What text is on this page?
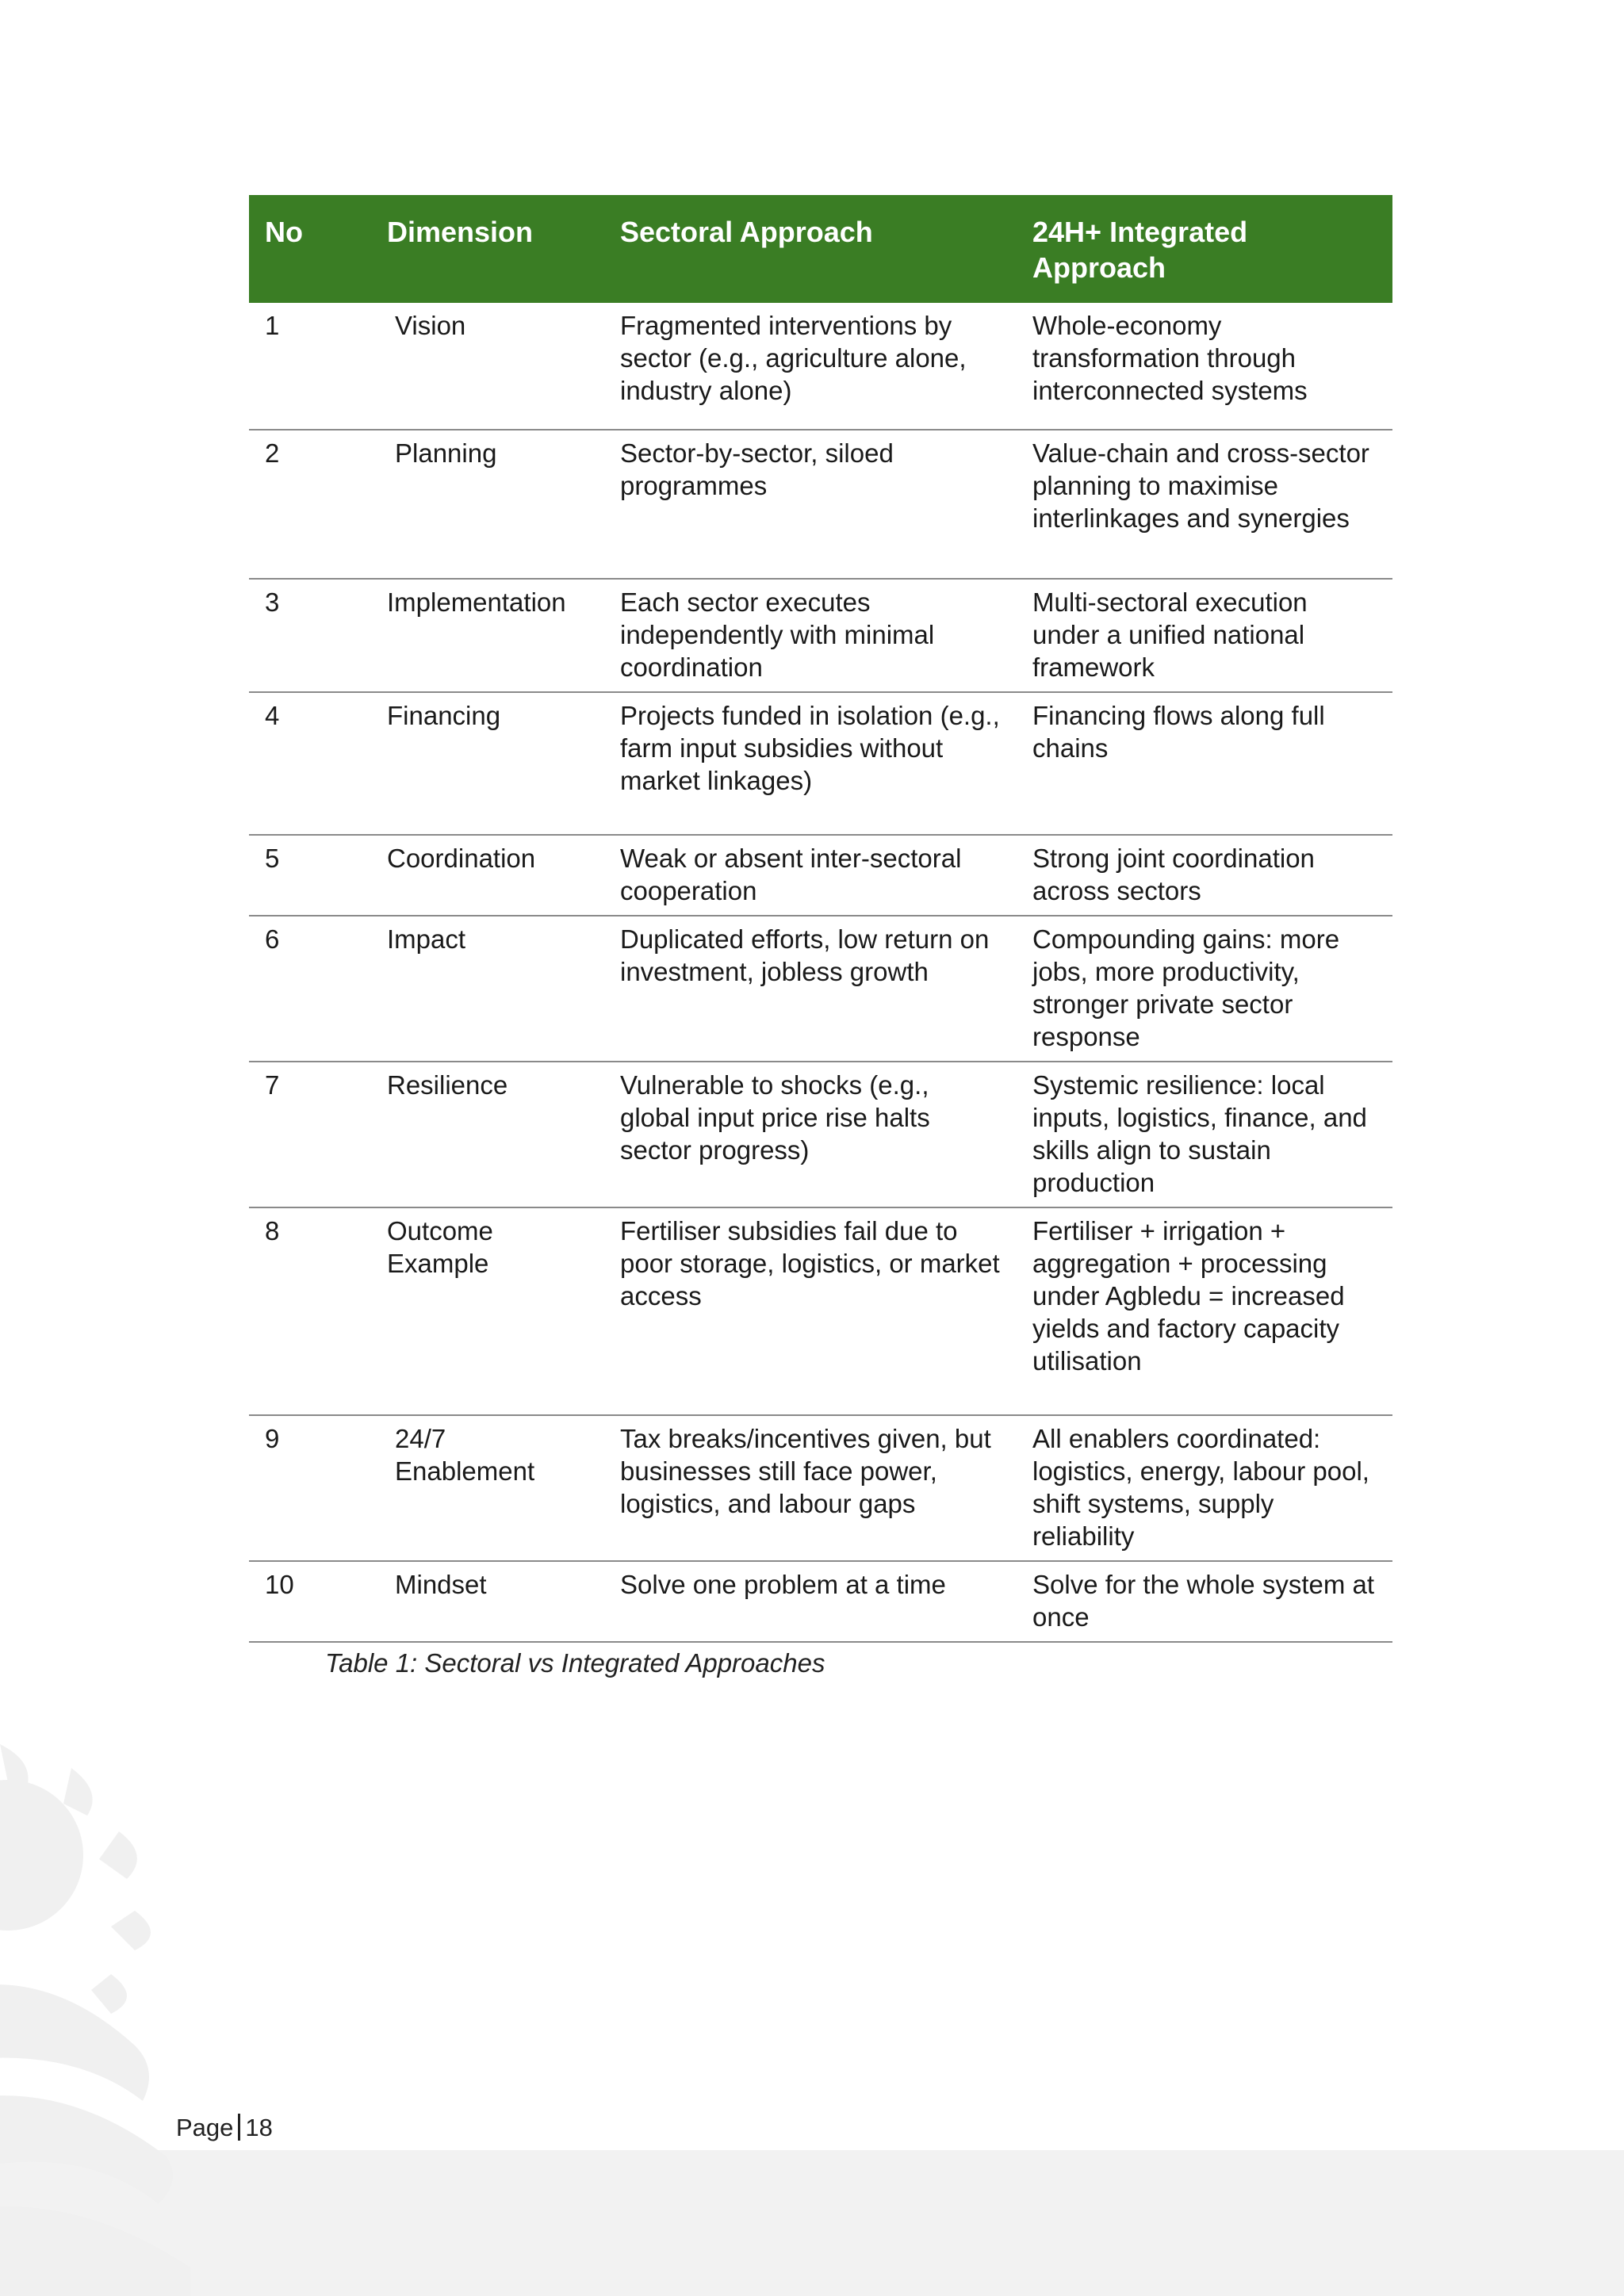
No	Dimension	Sectoral Approach	24H+ Integrated Approach
1	Vision	Fragmented interventions by sector (e.g., agriculture alone, industry alone)	Whole-economy transformation through interconnected systems
2	Planning	Sector-by-sector, siloed programmes	Value-chain and cross-sector planning to maximise interlinkages and synergies
3	Implementation	Each sector executes independently with minimal coordination	Multi-sectoral execution under a unified national framework
4	Financing	Projects funded in isolation (e.g., farm input subsidies without market linkages)	Financing flows along full chains
5	Coordination	Weak or absent inter-sectoral cooperation	Strong joint coordination across sectors
6	Impact	Duplicated efforts, low return on investment, jobless growth	Compounding gains: more jobs, more productivity, stronger private sector response
7	Resilience	Vulnerable to shocks (e.g., global input price rise halts sector progress)	Systemic resilience: local inputs, logistics, finance, and skills align to sustain production
8	Outcome Example	Fertiliser subsidies fail due to poor storage, logistics, or market access	Fertiliser + irrigation + aggregation + processing under Agbledu = increased yields and factory capacity utilisation
9	24/7 Enablement	Tax breaks/incentives given, but businesses still face power, logistics, and labour gaps	All enablers coordinated: logistics, energy, labour pool, shift systems, supply reliability
10	Mindset	Solve one problem at a time	Solve for the whole system at once
Table 1: Sectoral vs Integrated Approaches
Page 18
